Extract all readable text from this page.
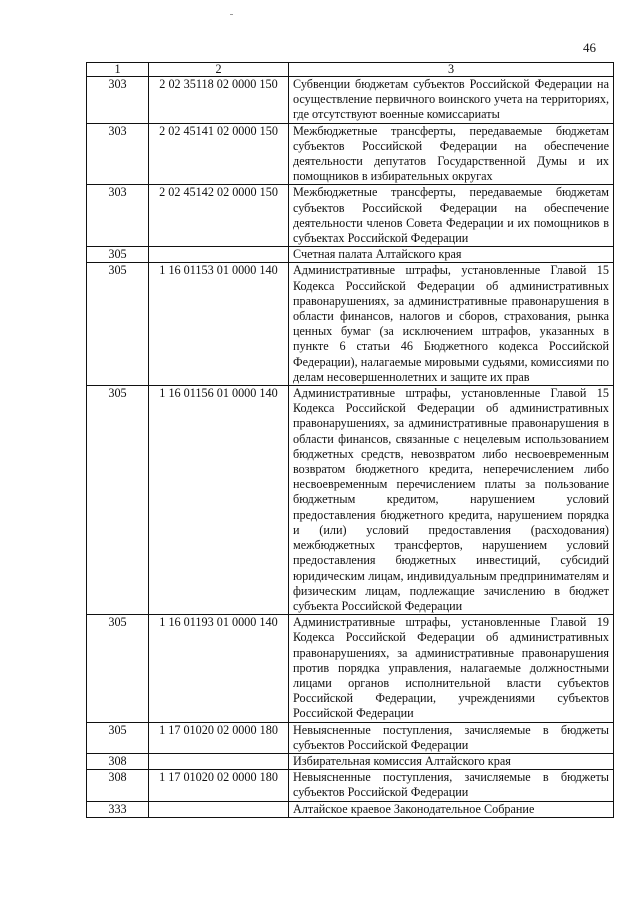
46
1	2	3
303	2 02 35118 02 0000 150	Субвенции бюджетам субъектов Российской Федерации на осуществление первичного воинского учета на территориях, где отсутствуют военные комиссариаты
303	2 02 45141 02 0000 150	Межбюджетные трансферты, передаваемые бюджетам субъектов Российской Федерации на обеспечение деятельности депутатов Государственной Думы и их помощников в избирательных округах
303	2 02 45142 02 0000 150	Межбюджетные трансферты, передаваемые бюджетам субъектов Российской Федерации на обеспечение деятельности членов Совета Федерации и их помощников в субъектах Российской Федерации
305		Счетная палата Алтайского края
305	1 16 01153 01 0000 140	Административные штрафы, установленные Главой 15 Кодекса Российской Федерации об административных правонарушениях, за административные правонарушения в области финансов, налогов и сборов, страхования, рынка ценных бумаг (за исключением штрафов, указанных в пункте 6 статьи 46 Бюджетного кодекса Российской Федерации), налагаемые мировыми судьями, комиссиями по делам несовершеннолетних и защите их прав
305	1 16 01156 01 0000 140	Административные штрафы, установленные Главой 15 Кодекса Российской Федерации об административных правонарушениях, за административные правонарушения в области финансов, связанные с нецелевым использованием бюджетных средств, невозвратом либо несвоевременным возвратом бюджетного кредита, неперечислением либо несвоевременным перечислением платы за пользование бюджетным кредитом, нарушением условий предоставления бюджетного кредита, нарушением порядка и (или) условий предоставления (расходования) межбюджетных трансфертов, нарушением условий предоставления бюджетных инвестиций, субсидий юридическим лицам, индивидуальным предпринимателям и физическим лицам, подлежащие зачислению в бюджет субъекта Российской Федерации
305	1 16 01193 01 0000 140	Административные штрафы, установленные Главой 19 Кодекса Российской Федерации об административных правонарушениях, за административные правонарушения против порядка управления, налагаемые должностными лицами органов исполнительной власти субъектов Российской Федерации, учреждениями субъектов Российской Федерации
305	1 17 01020 02 0000 180	Невыясненные поступления, зачисляемые в бюджеты субъектов Российской Федерации
308		Избирательная комиссия Алтайского края
308	1 17 01020 02 0000 180	Невыясненные поступления, зачисляемые в бюджеты субъектов Российской Федерации
333		Алтайское краевое Законодательное Собрание
